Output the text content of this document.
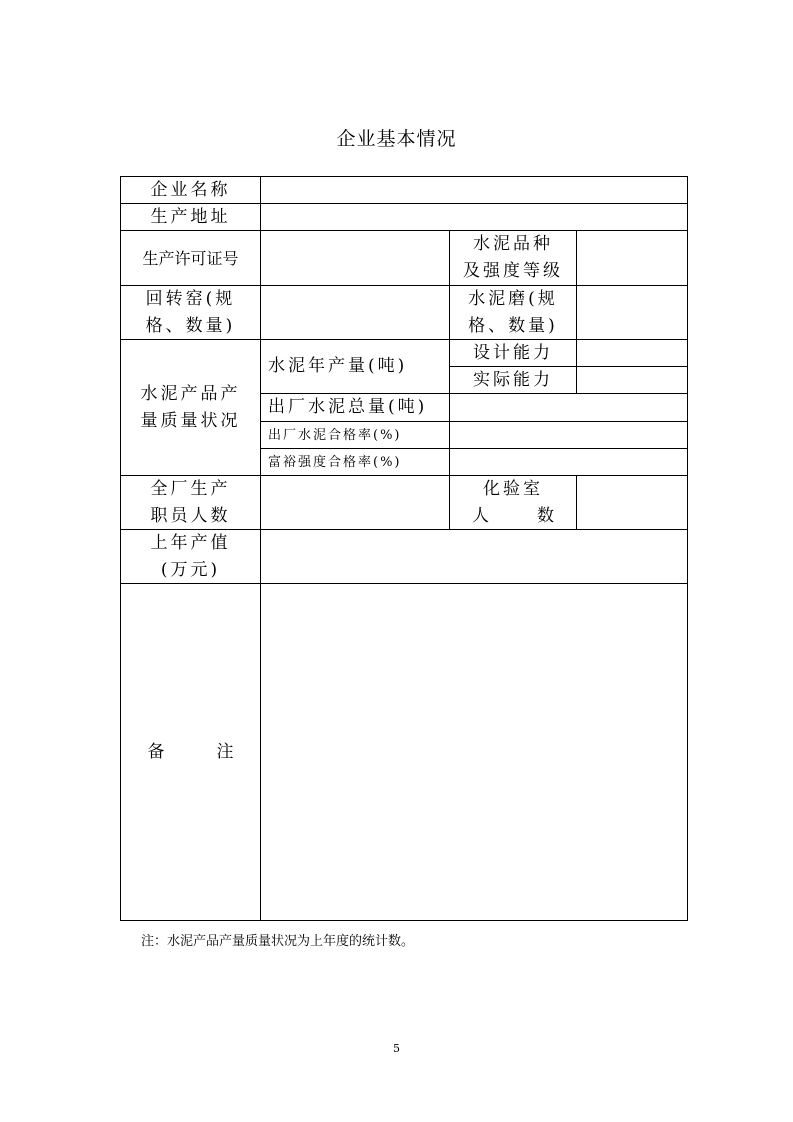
企业基本情况
企业名称
生产地址
生产许可证号
水泥品种
及强度等级
回转窑(规
格、数量)
水泥磨(规
格、数量)
水泥产品产
量质量状况
水泥年产量(吨)
设计能力
实际能力
出厂水泥总量(吨)
出厂水泥合格率(%)
富裕强度合格率(%)
全厂生产
职员人数
化验室
人	数
上年产值
(万元)
备	注
注：水泥产品产量质量状况为上年度的统计数。
5
